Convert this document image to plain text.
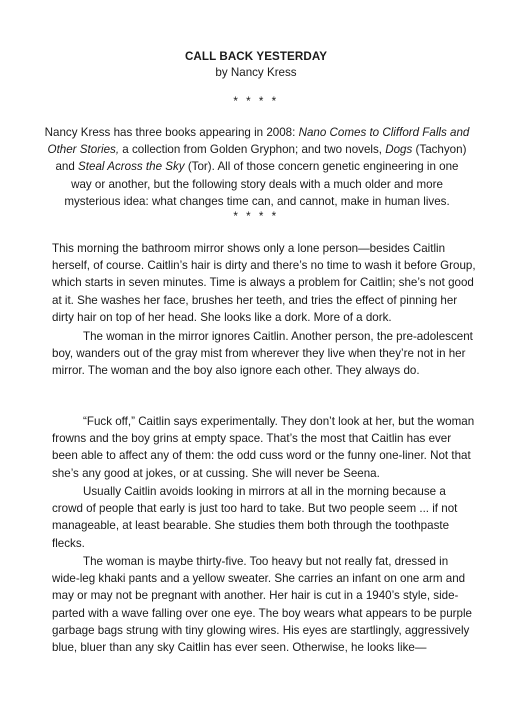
CALL BACK YESTERDAY
by Nancy Kress
* * * *
Nancy Kress has three books appearing in 2008: Nano Comes to Clifford Falls and Other Stories, a collection from Golden Gryphon; and two novels, Dogs (Tachyon) and Steal Across the Sky (Tor). All of those concern genetic engineering in one way or another, but the following story deals with a much older and more mysterious idea: what changes time can, and cannot, make in human lives.
* * * *

This morning the bathroom mirror shows only a lone person—besides Caitlin herself, of course. Caitlin’s hair is dirty and there’s no time to wash it before Group, which starts in seven minutes. Time is always a problem for Caitlin; she’s not good at it. She washes her face, brushes her teeth, and tries the effect of pinning her dirty hair on top of her head. She looks like a dork. More of a dork.

The woman in the mirror ignores Caitlin. Another person, the pre-adolescent boy, wanders out of the gray mist from wherever they live when they’re not in her mirror. The woman and the boy also ignore each other. They always do.

“Fuck off,” Caitlin says experimentally. They don’t look at her, but the woman frowns and the boy grins at empty space. That’s the most that Caitlin has ever been able to affect any of them: the odd cuss word or the funny one-liner. Not that she’s any good at jokes, or at cussing. She will never be Seena.

Usually Caitlin avoids looking in mirrors at all in the morning because a crowd of people that early is just too hard to take. But two people seem ... if not manageable, at least bearable. She studies them both through the toothpaste flecks.

The woman is maybe thirty-five. Too heavy but not really fat, dressed in wide-leg khaki pants and a yellow sweater. She carries an infant on one arm and may or may not be pregnant with another. Her hair is cut in a 1940’s style, side-parted with a wave falling over one eye. The boy wears what appears to be purple garbage bags strung with tiny glowing wires. His eyes are startlingly, aggressively blue, bluer than any sky Caitlin has ever seen. Otherwise, he looks like—
